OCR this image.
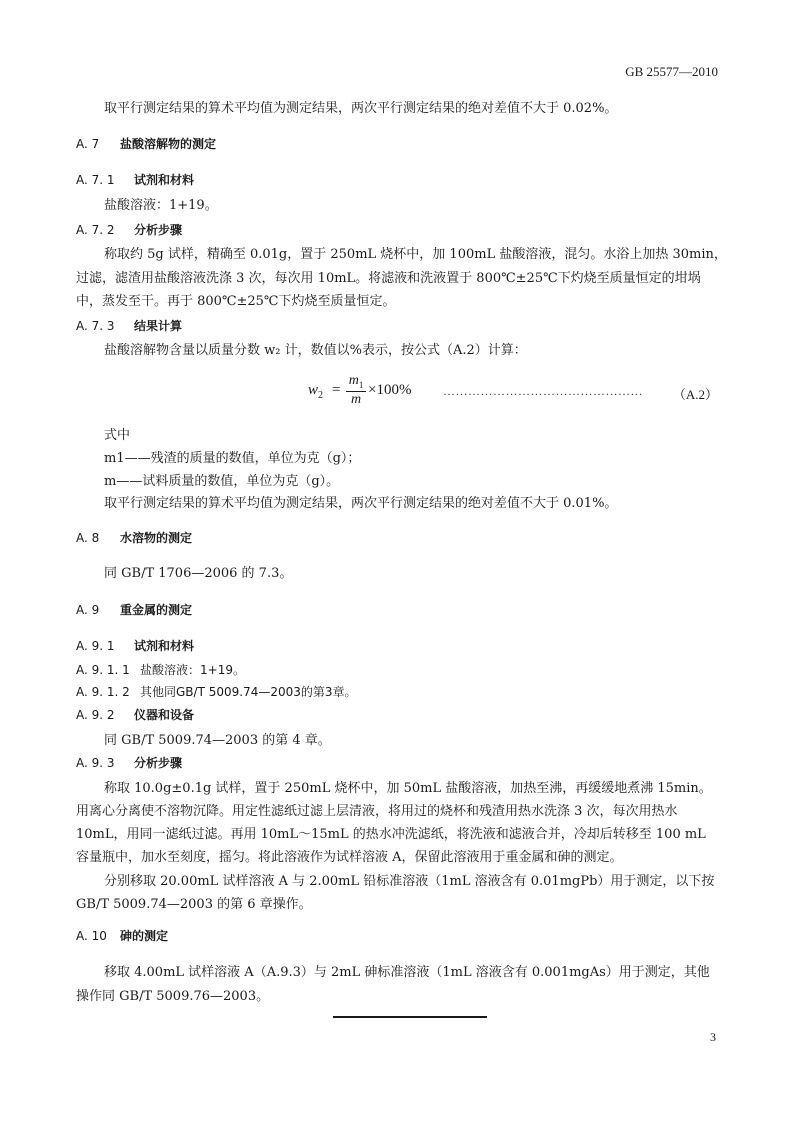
GB 25577—2010
取平行测定结果的算术平均值为测定结果，两次平行测定结果的绝对差值不大于 0.02%。
A. 7 盐酸溶解物的测定
A. 7. 1 试剂和材料
盐酸溶液：1+19。
A. 7. 2 分析步骤
称取约 5g 试样，精确至 0.01g，置于 250mL 烧杯中，加 100mL 盐酸溶液，混匀。水浴上加热 30min，
过滤，滤渣用盐酸溶液洗涤 3 次，每次用 10mL。将滤液和洗液置于 800℃±25℃下灼烧至质量恒定的坩埚
中，蒸发至干。再于 800℃±25℃下灼烧至质量恒定。
A. 7. 3 结果计算
盐酸溶解物含量以质量分数 w₂ 计，数值以%表示，按公式（A.2）计算：
$w_2$ =
$m_1$
m
×100%	………………………………………… （A.2）
式中
m1——残渣的质量的数值，单位为克（g）；
m——试料质量的数值，单位为克（g）。
取平行测定结果的算术平均值为测定结果，两次平行测定结果的绝对差值不大于 0.01%。
A. 8 水溶物的测定
同 GB/T 1706—2006 的 7.3。
A. 9 重金属的测定
A. 9. 1 试剂和材料
A. 9. 1. 1 盐酸溶液：1+19。
A. 9. 1. 2 其他同GB/T 5009.74—2003的第3章。
A. 9. 2 仪器和设备
同 GB/T 5009.74—2003 的第 4 章。
A. 9. 3 分析步骤
称取 10.0g±0.1g 试样，置于 250mL 烧杯中，加 50mL 盐酸溶液，加热至沸，再缓缓地煮沸 15min。
用离心分离使不溶物沉降。用定性滤纸过滤上层清液，将用过的烧杯和残渣用热水洗涤 3 次，每次用热水
10mL，用同一滤纸过滤。再用 10mL～15mL 的热水冲洗滤纸，将洗液和滤液合并，冷却后转移至 100 mL
容量瓶中，加水至刻度，摇匀。将此溶液作为试样溶液 A，保留此溶液用于重金属和砷的测定。
分别移取 20.00mL 试样溶液 A 与 2.00mL 铅标准溶液（1mL 溶液含有 0.01mgPb）用于测定，以下按
GB/T 5009.74—2003 的第 6 章操作。
A. 10 砷的测定
移取 4.00mL 试样溶液 A（A.9.3）与 2mL 砷标准溶液（1mL 溶液含有 0.001mgAs）用于测定，其他
操作同 GB/T 5009.76—2003。
3
